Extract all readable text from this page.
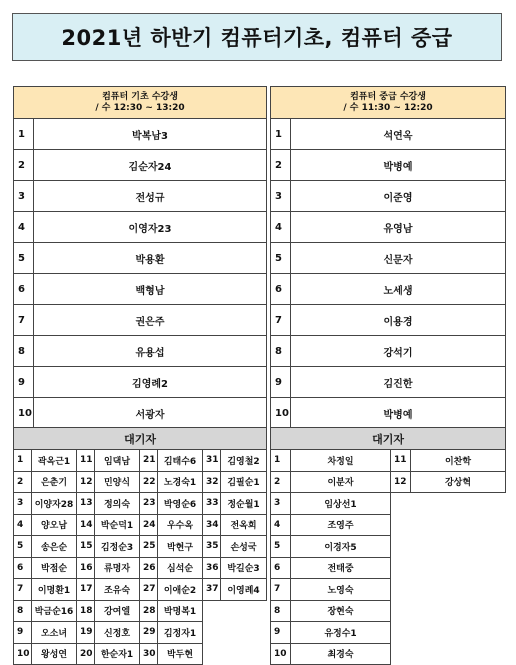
2021년 하반기 컴퓨터기초, 컴퓨터 중급
컴퓨터 기초 수강생
/ 수 12:30 ~ 13:20	

1	박복남3
2	김순자24
3	전성규
4	이영자23
5	박용환
6	백형남
7	권은주
8	유용섭
9	김영례2
10	서광자
컴퓨터 중급 수강생
/ 수 11:30 ~ 12:20	

1	석연옥
2	박병예
3	이준영
4	유영남
5	신문자
6	노세생
7	이용경
8	강석기
9	김진한
10	박병예
대기자							
1	곽옥근1	11	임댁남	21	김태수6	31	김영철2
2	은춘기	12	민양식	22	노경숙1	32	김필순1
3	이양자28	13	정의숙	23	박영순6	33	정순월1
4	양오남	14	박순덕1	24	우수옥	34	전옥희
5	송은순	15	김정순3	25	박현구	35	손성국
6	박점순	16	류명자	26	심석순	36	박길순3
7	이명환1	17	조유숙	27	이애순2	37	이영례4
8	박금순16	18	강여엘	28	박명복1		
9	오소녀	19	신정호	29	김정자1		
10	왕성연	20	한순자1	30	박두현		
대기자			
1	차정일	11	이찬학
2	이분자	12	강상혁
3	임상선1		
4	조영주		
5	이경자5		
6	전태중		
7	노영숙		
8	장현숙		
9	유정수1		
10	최경숙		
